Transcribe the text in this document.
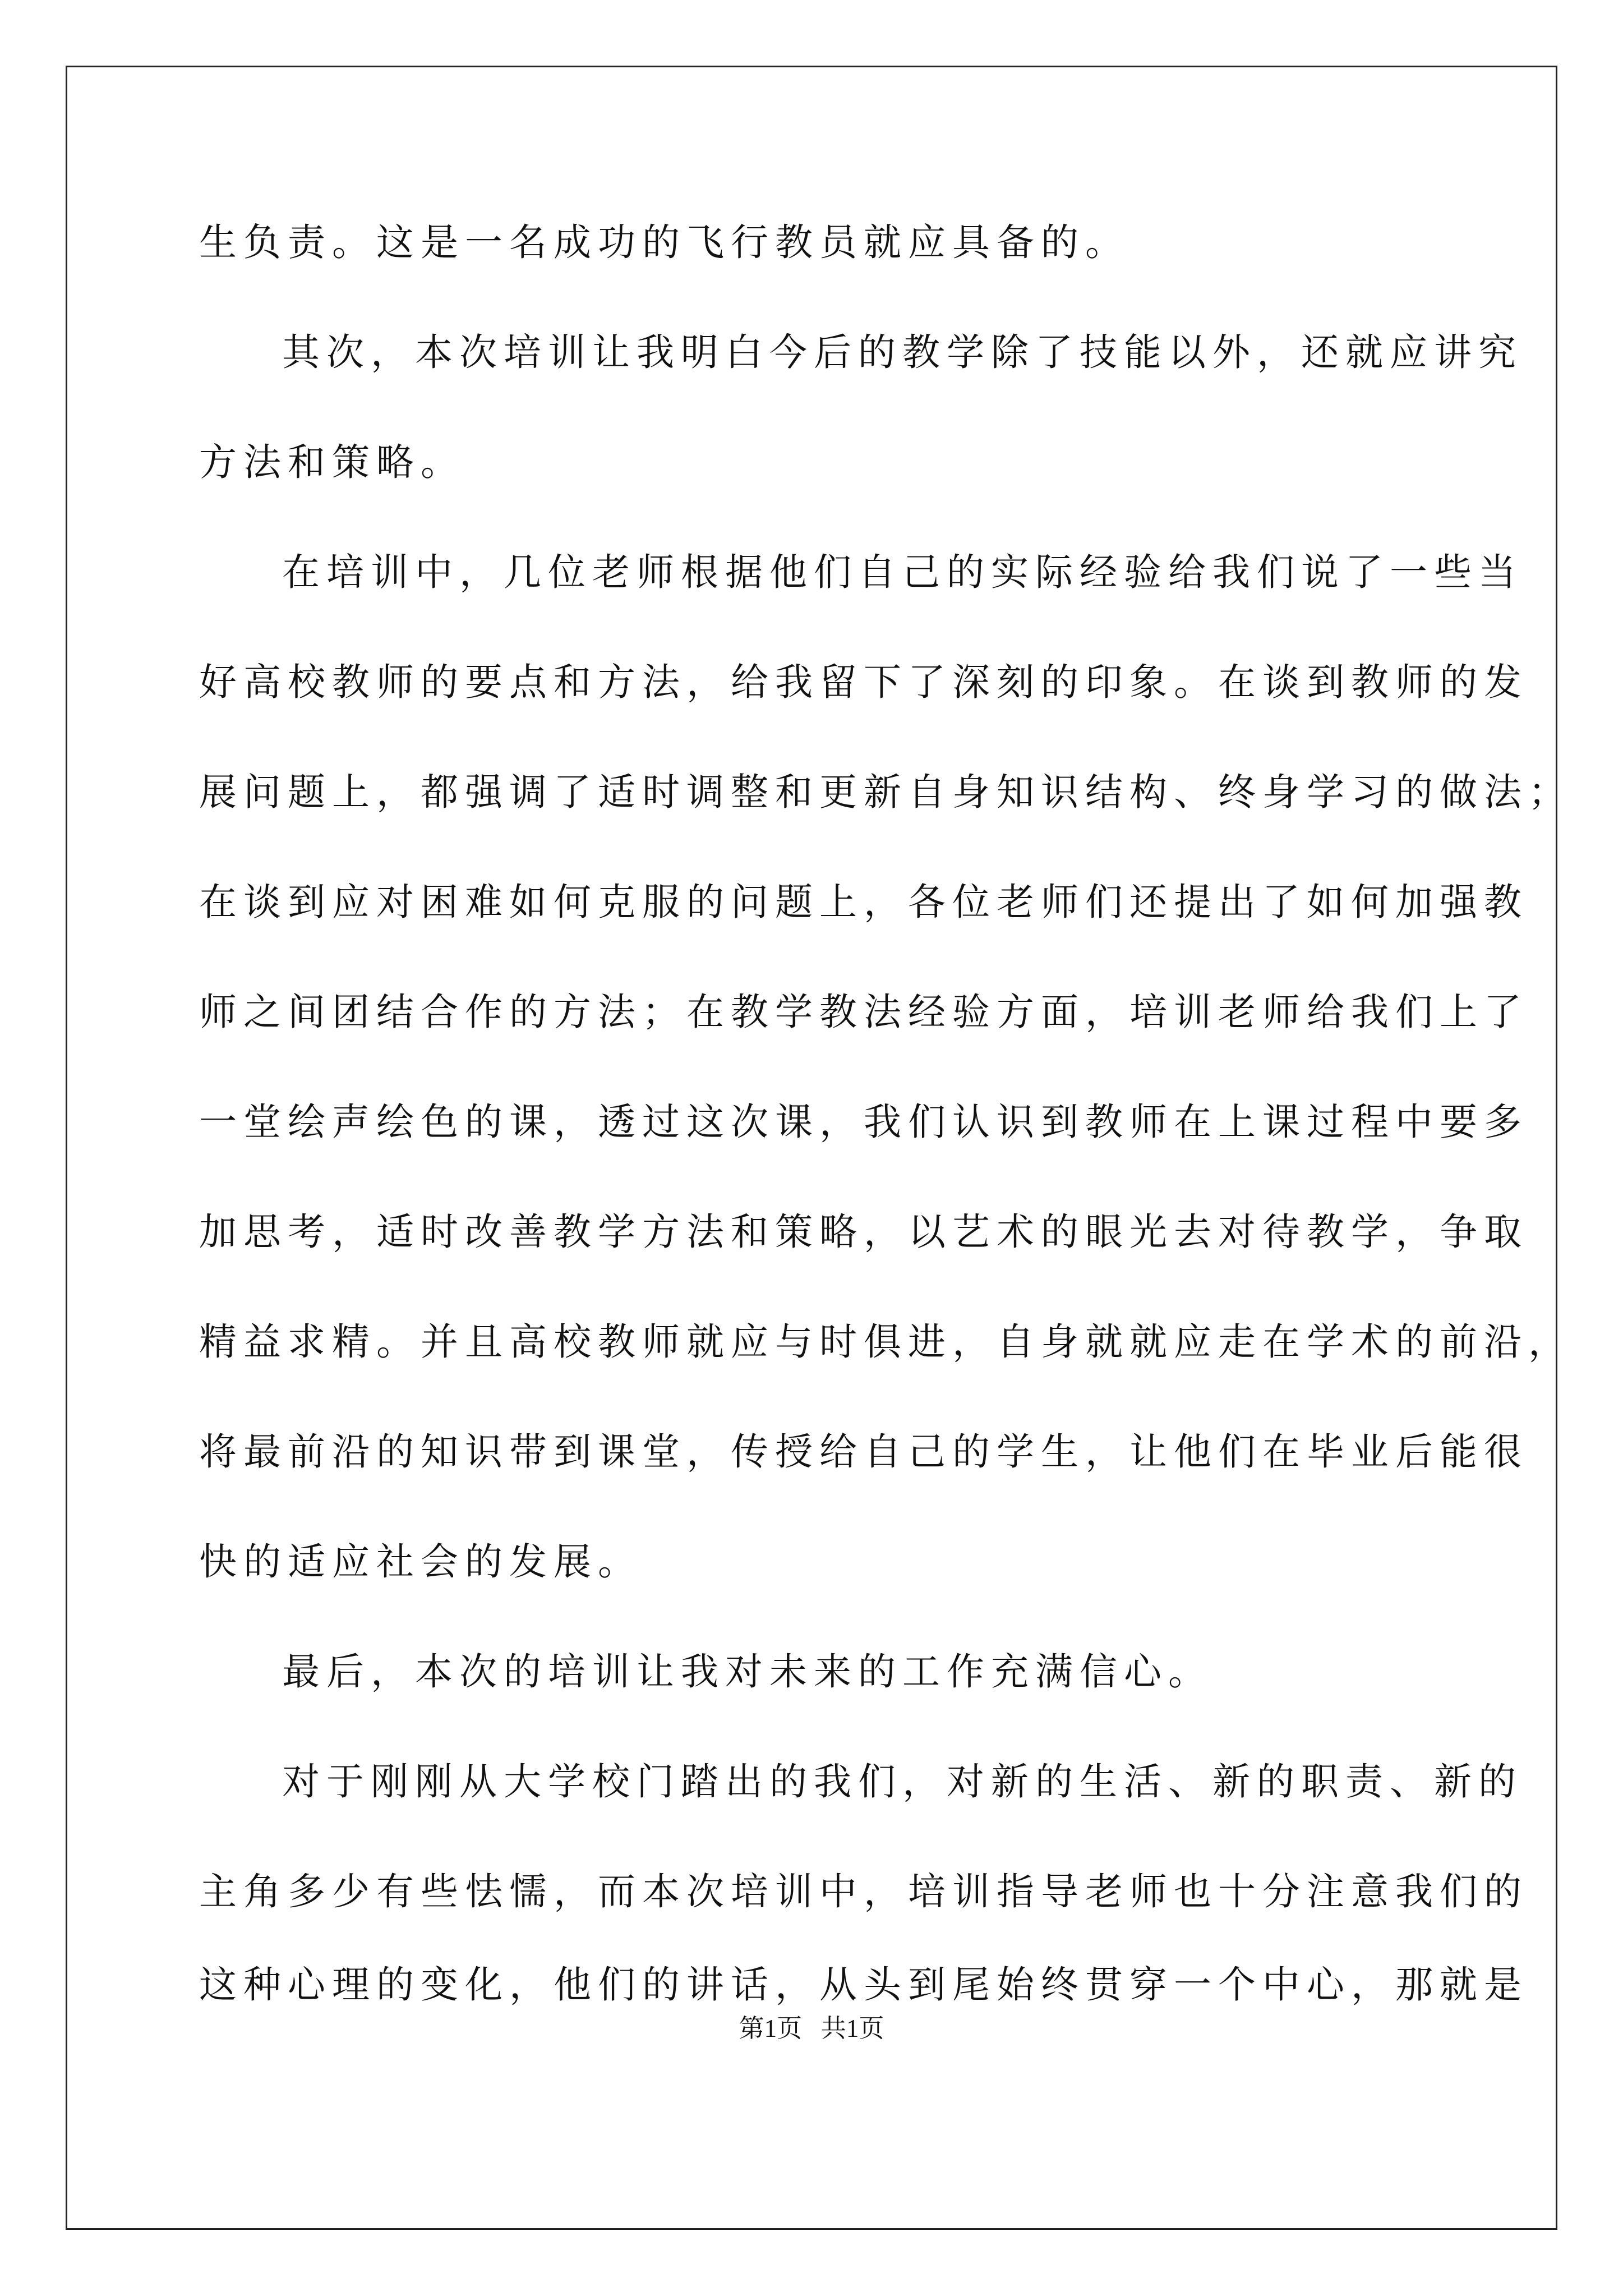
生负责。这是一名成功的飞行教员就应具备的。
其次，本次培训让我明白今后的教学除了技能以外，还就应讲究
方法和策略。
在培训中，几位老师根据他们自己的实际经验给我们说了一些当
好高校教师的要点和方法，给我留下了深刻的印象。在谈到教师的发
展问题上，都强调了适时调整和更新自身知识结构、终身学习的做法；
在谈到应对困难如何克服的问题上，各位老师们还提出了如何加强教
师之间团结合作的方法；在教学教法经验方面，培训老师给我们上了
一堂绘声绘色的课，透过这次课，我们认识到教师在上课过程中要多
加思考，适时改善教学方法和策略，以艺术的眼光去对待教学，争取
精益求精。并且高校教师就应与时俱进，自身就就应走在学术的前沿，
将最前沿的知识带到课堂，传授给自己的学生，让他们在毕业后能很
快的适应社会的发展。
最后，本次的培训让我对未来的工作充满信心。
对于刚刚从大学校门踏出的我们，对新的生活、新的职责、新的
主角多少有些怯懦，而本次培训中，培训指导老师也十分注意我们的
这种心理的变化，他们的讲话，从头到尾始终贯穿一个中心，那就是
第1页   共1页
